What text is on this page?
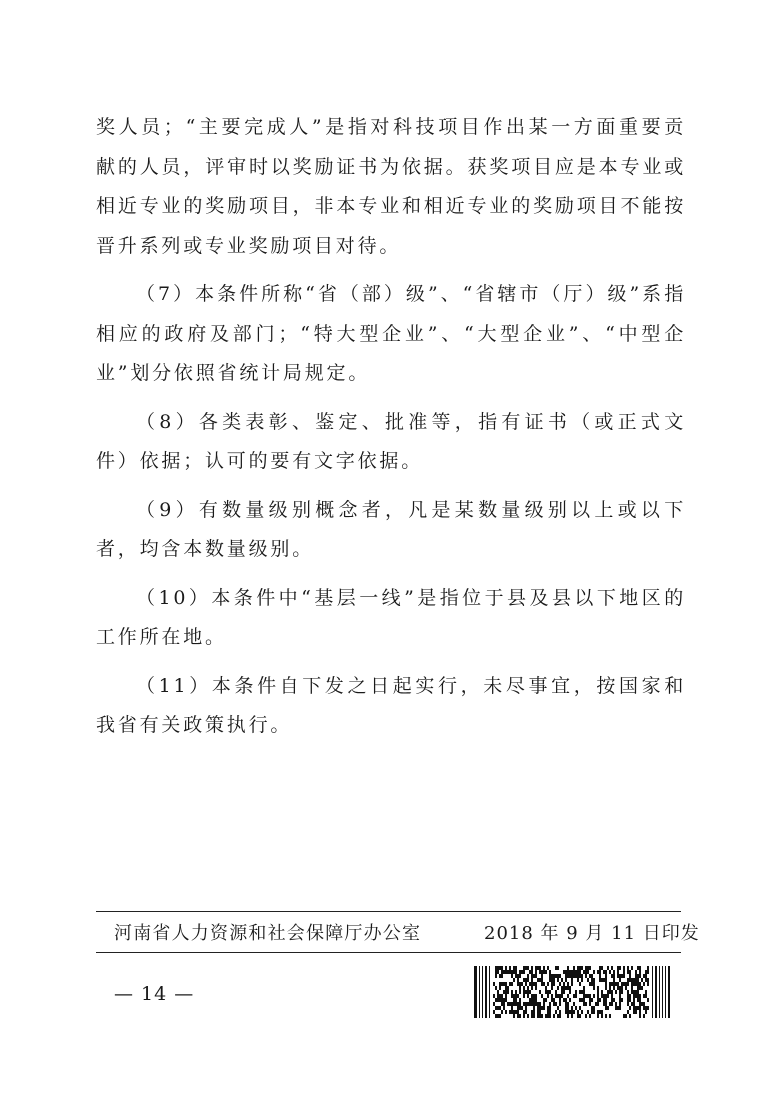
奖人员；“主要完成人”是指对科技项目作出某一方面重要贡献的人员，评审时以奖励证书为依据。获奖项目应是本专业或相近专业的奖励项目，非本专业和相近专业的奖励项目不能按晋升系列或专业奖励项目对待。

（7）本条件所称“省（部）级”、“省辖市（厅）级”系指相应的政府及部门；“特大型企业”、“大型企业”、“中型企业”划分依照省统计局规定。

（8）各类表彰、鉴定、批准等，指有证书（或正式文件）依据；认可的要有文字依据。

（9）有数量级别概念者，凡是某数量级别以上或以下者，均含本数量级别。

（10）本条件中“基层一线”是指位于县及县以下地区的工作所在地。

（11）本条件自下发之日起实行，未尽事宜，按国家和我省有关政策执行。

河南省人力资源和社会保障厅办公室	2018 年 9 月 11 日印发
— 14 —
